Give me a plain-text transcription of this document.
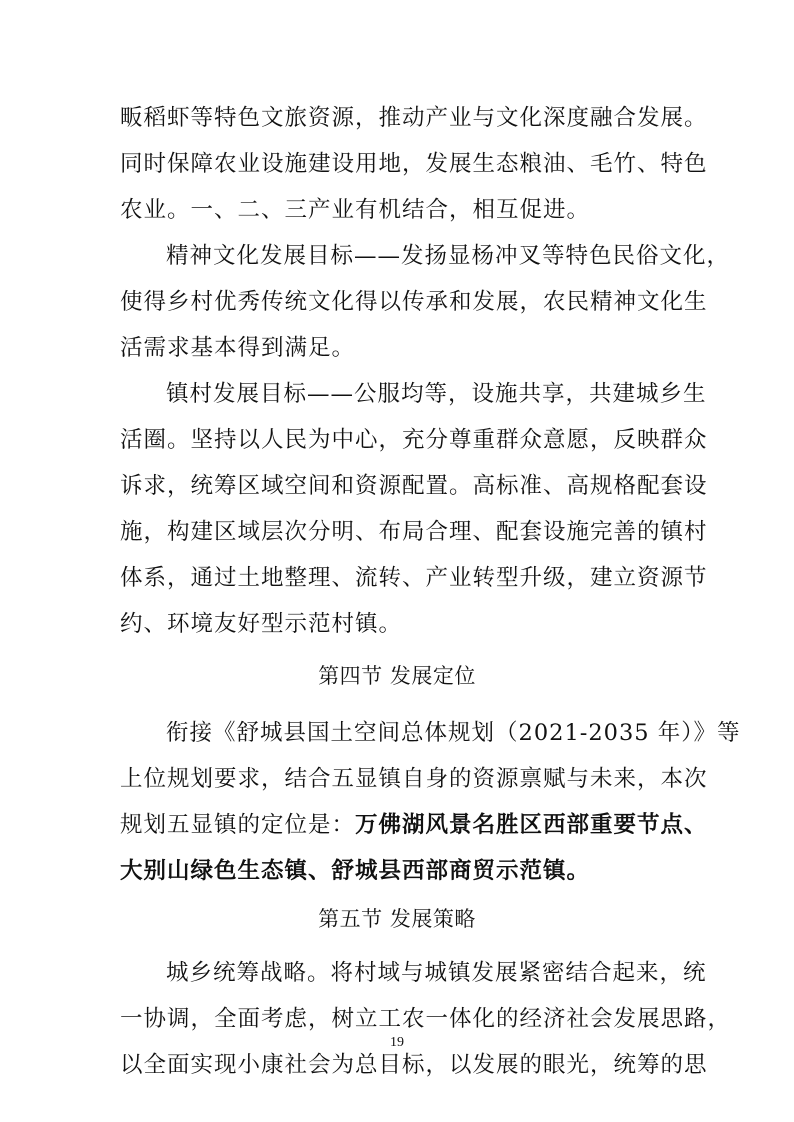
畈稻虾等特色文旅资源，推动产业与文化深度融合发展。
同时保障农业设施建设用地，发展生态粮油、毛竹、特色
农业。一、二、三产业有机结合，相互促进。
精神文化发展目标——发扬显杨冲叉等特色民俗文化，
使得乡村优秀传统文化得以传承和发展，农民精神文化生
活需求基本得到满足。
镇村发展目标——公服均等，设施共享，共建城乡生
活圈。坚持以人民为中心，充分尊重群众意愿，反映群众
诉求，统筹区域空间和资源配置。高标准、高规格配套设
施，构建区域层次分明、布局合理、配套设施完善的镇村
体系，通过土地整理、流转、产业转型升级，建立资源节
约、环境友好型示范村镇。
第四节 发展定位
衔接《舒城县国土空间总体规划（2021-2035 年）》等
上位规划要求，结合五显镇自身的资源禀赋与未来，本次
规划五显镇的定位是：万佛湖风景名胜区西部重要节点、
大别山绿色生态镇、舒城县西部商贸示范镇。
第五节 发展策略
城乡统筹战略。将村域与城镇发展紧密结合起来，统
一协调，全面考虑，树立工农一体化的经济社会发展思路，
以全面实现小康社会为总目标，以发展的眼光，统筹的思
19
